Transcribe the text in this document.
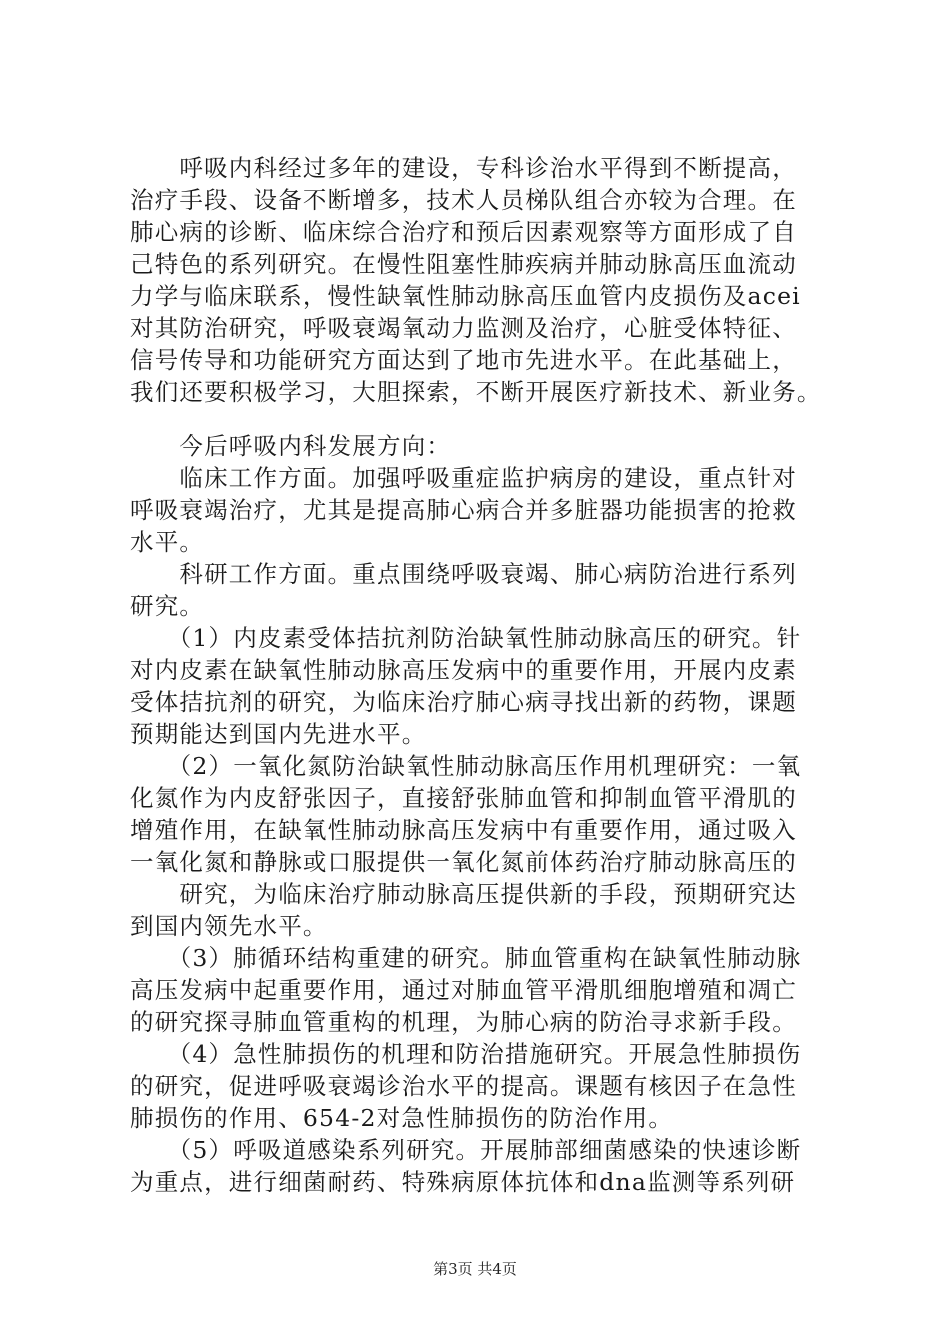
　　呼吸内科经过多年的建设，专科诊治水平得到不断提高，
治疗手段、设备不断增多，技术人员梯队组合亦较为合理。在
肺心病的诊断、临床综合治疗和预后因素观察等方面形成了自
己特色的系列研究。在慢性阻塞性肺疾病并肺动脉高压血流动
力学与临床联系，慢性缺氧性肺动脉高压血管内皮损伤及acei
对其防治研究，呼吸衰竭氧动力监测及治疗，心脏受体特征、
信号传导和功能研究方面达到了地市先进水平。在此基础上，
我们还要积极学习，大胆探索，不断开展医疗新技术、新业务。
　　今后呼吸内科发展方向：
　　临床工作方面。加强呼吸重症监护病房的建设，重点针对
呼吸衰竭治疗，尤其是提高肺心病合并多脏器功能损害的抢救
水平。
　　科研工作方面。重点围绕呼吸衰竭、肺心病防治进行系列
研究。
　　（1）内皮素受体拮抗剂防治缺氧性肺动脉高压的研究。针
对内皮素在缺氧性肺动脉高压发病中的重要作用，开展内皮素
受体拮抗剂的研究，为临床治疗肺心病寻找出新的药物，课题
预期能达到国内先进水平。
　　（2）一氧化氮防治缺氧性肺动脉高压作用机理研究：一氧
化氮作为内皮舒张因子，直接舒张肺血管和抑制血管平滑肌的
增殖作用，在缺氧性肺动脉高压发病中有重要作用，通过吸入
一氧化氮和静脉或口服提供一氧化氮前体药治疗肺动脉高压的
　　研究，为临床治疗肺动脉高压提供新的手段，预期研究达
到国内领先水平。
　　（3）肺循环结构重建的研究。肺血管重构在缺氧性肺动脉
高压发病中起重要作用，通过对肺血管平滑肌细胞增殖和凋亡
的研究探寻肺血管重构的机理，为肺心病的防治寻求新手段。
　　（4）急性肺损伤的机理和防治措施研究。开展急性肺损伤
的研究，促进呼吸衰竭诊治水平的提高。课题有核因子在急性
肺损伤的作用、654-2对急性肺损伤的防治作用。
　　（5）呼吸道感染系列研究。开展肺部细菌感染的快速诊断
为重点，进行细菌耐药、特殊病原体抗体和dna监测等系列研
第3页 共4页
